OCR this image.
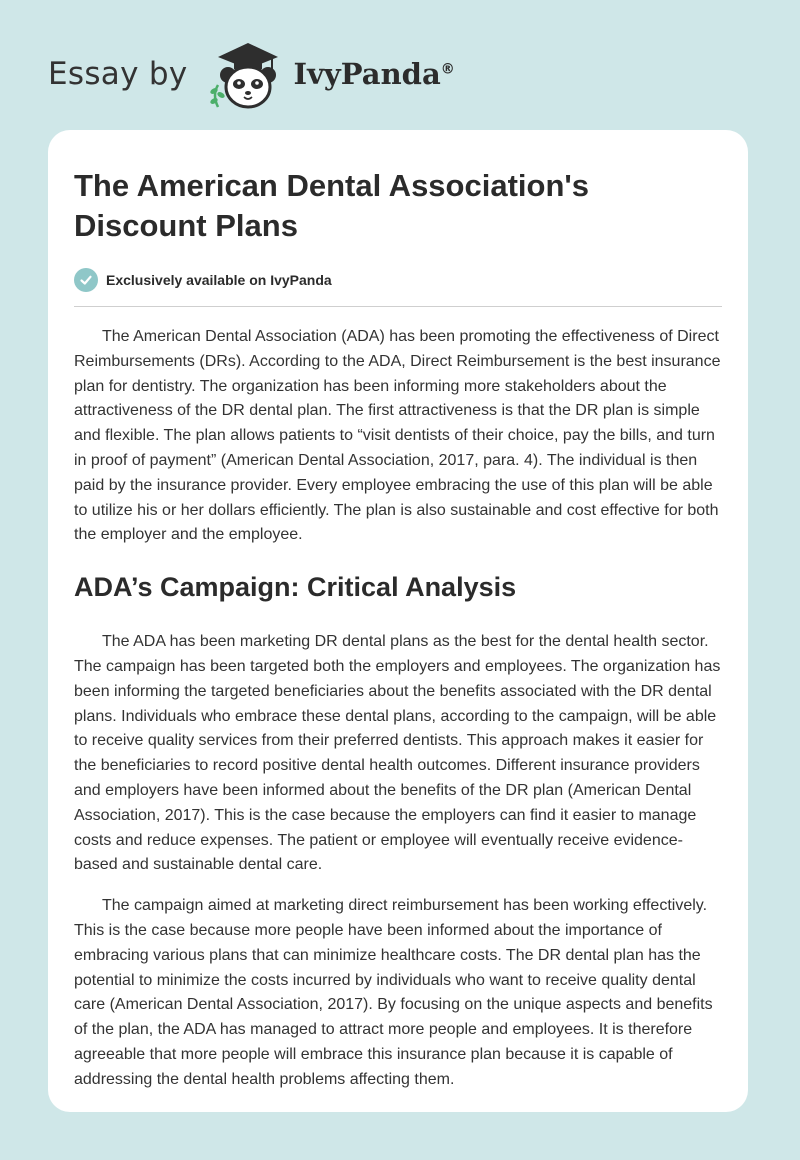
Essay by	IvyPanda®
The American Dental Association's Discount Plans
Exclusively available on IvyPanda

The American Dental Association (ADA) has been promoting the effectiveness of Direct Reimbursements (DRs). According to the ADA, Direct Reimbursement is the best insurance plan for dentistry. The organization has been informing more stakeholders about the attractiveness of the DR dental plan. The first attractiveness is that the DR plan is simple and flexible. The plan allows patients to “visit dentists of their choice, pay the bills, and turn in proof of payment” (American Dental Association, 2017, para. 4). The individual is then paid by the insurance provider. Every employee embracing the use of this plan will be able to utilize his or her dollars efficiently. The plan is also sustainable and cost effective for both the employer and the employee.

ADA’s Campaign: Critical Analysis

The ADA has been marketing DR dental plans as the best for the dental health sector. The campaign has been targeted both the employers and employees. The organization has been informing the targeted beneficiaries about the benefits associated with the DR dental plans. Individuals who embrace these dental plans, according to the campaign, will be able to receive quality services from their preferred dentists. This approach makes it easier for the beneficiaries to record positive dental health outcomes. Different insurance providers and employers have been informed about the benefits of the DR plan (American Dental Association, 2017). This is the case because the employers can find it easier to manage costs and reduce expenses. The patient or employee will eventually receive evidence-based and sustainable dental care.

The campaign aimed at marketing direct reimbursement has been working effectively. This is the case because more people have been informed about the importance of embracing various plans that can minimize healthcare costs. The DR dental plan has the potential to minimize the costs incurred by individuals who want to receive quality dental care (American Dental Association, 2017). By focusing on the unique aspects and benefits of the plan, the ADA has managed to attract more people and employees. It is therefore agreeable that more people will embrace this insurance plan because it is capable of addressing the dental health problems affecting them.
